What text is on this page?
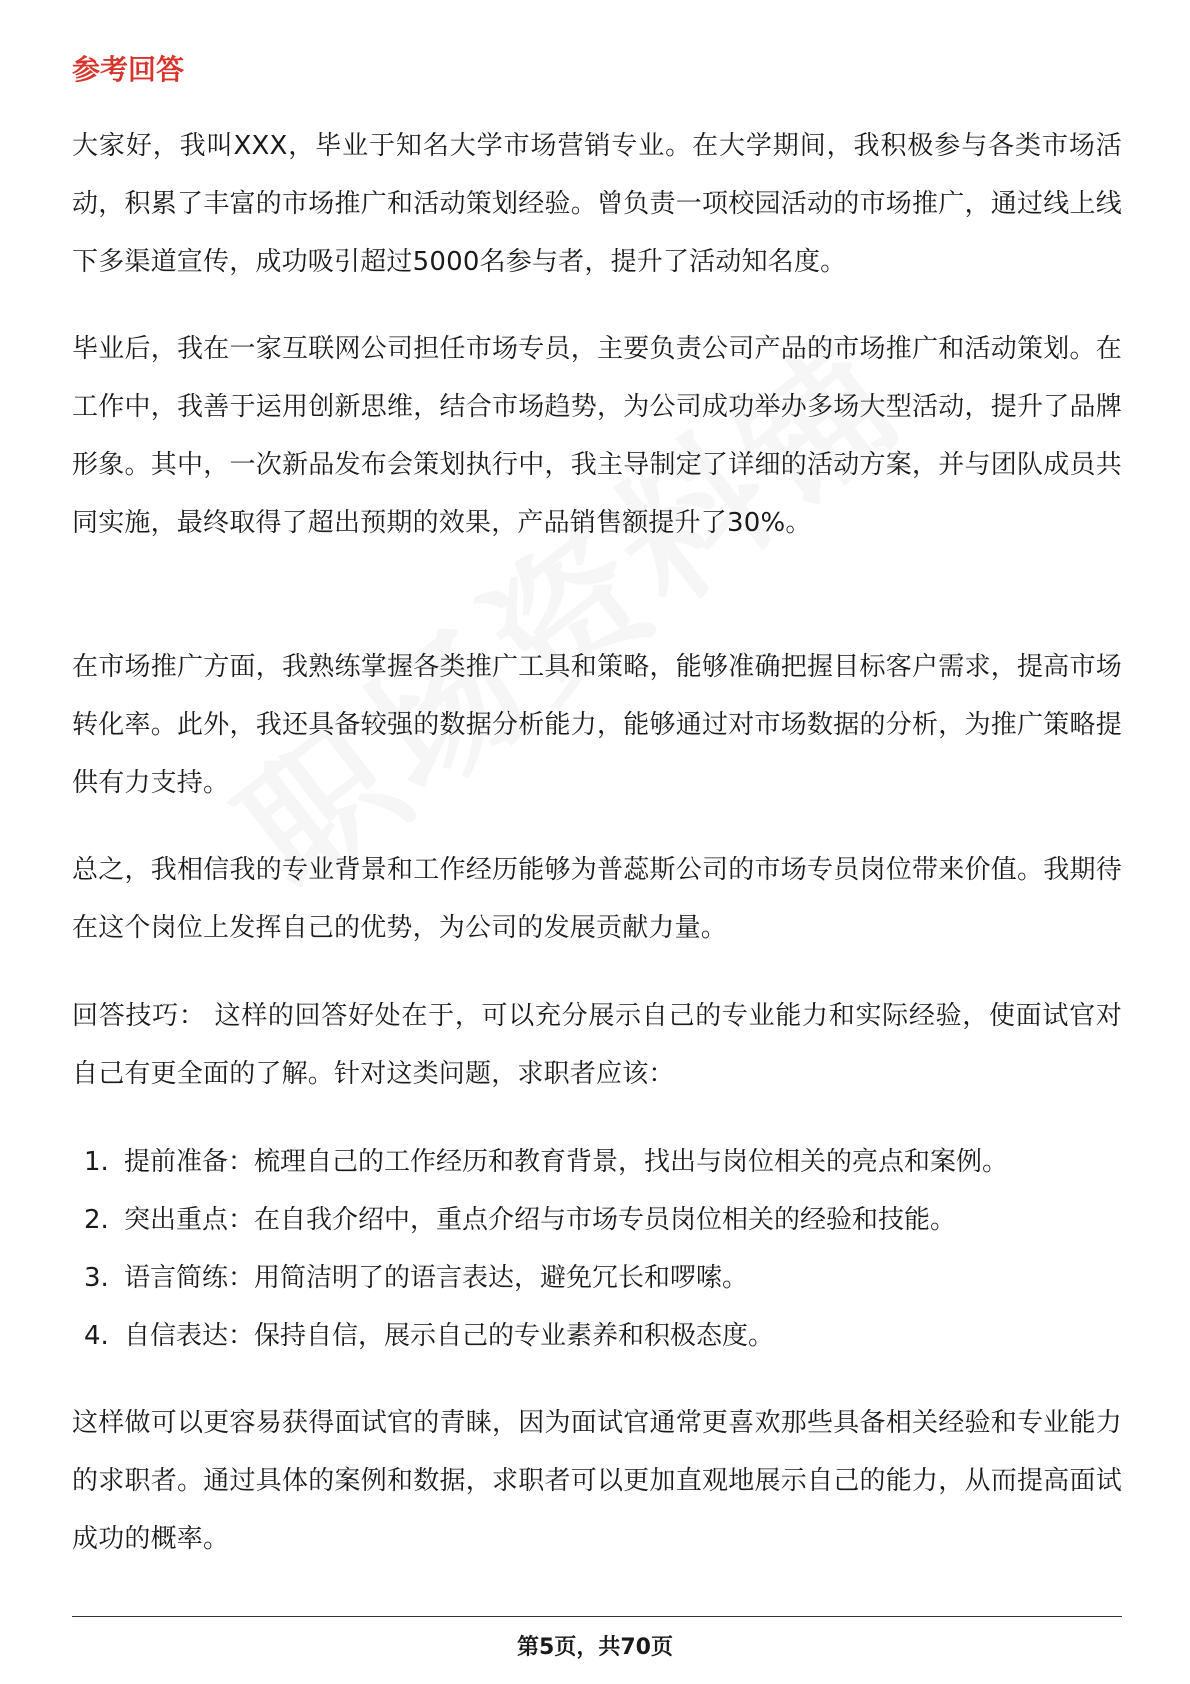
参考回答

大家好，我叫XXX，毕业于知名大学市场营销专业。在大学期间，我积极参与各类市场活动，积累了丰富的市场推广和活动策划经验。曾负责一项校园活动的市场推广，通过线上线下多渠道宣传，成功吸引超过5000名参与者，提升了活动知名度。

毕业后，我在一家互联网公司担任市场专员，主要负责公司产品的市场推广和活动策划。在工作中，我善于运用创新思维，结合市场趋势，为公司成功举办多场大型活动，提升了品牌形象。其中，一次新品发布会策划执行中，我主导制定了详细的活动方案，并与团队成员共同实施，最终取得了超出预期的效果，产品销售额提升了30%。

在市场推广方面，我熟练掌握各类推广工具和策略，能够准确把握目标客户需求，提高市场转化率。此外，我还具备较强的数据分析能力，能够通过对市场数据的分析，为推广策略提供有力支持。

总之，我相信我的专业背景和工作经历能够为普蕊斯公司的市场专员岗位带来价值。我期待在这个岗位上发挥自己的优势，为公司的发展贡献力量。

回答技巧： 这样的回答好处在于，可以充分展示自己的专业能力和实际经验，使面试官对自己有更全面的了解。针对这类问题，求职者应该：

1. 提前准备：梳理自己的工作经历和教育背景，找出与岗位相关的亮点和案例。
2. 突出重点：在自我介绍中，重点介绍与市场专员岗位相关的经验和技能。
3. 语言简练：用简洁明了的语言表达，避免冗长和啰嗦。
4. 自信表达：保持自信，展示自己的专业素养和积极态度。

这样做可以更容易获得面试官的青睐，因为面试官通常更喜欢那些具备相关经验和专业能力的求职者。通过具体的案例和数据，求职者可以更加直观地展示自己的能力，从而提高面试成功的概率。

第5页，共70页
